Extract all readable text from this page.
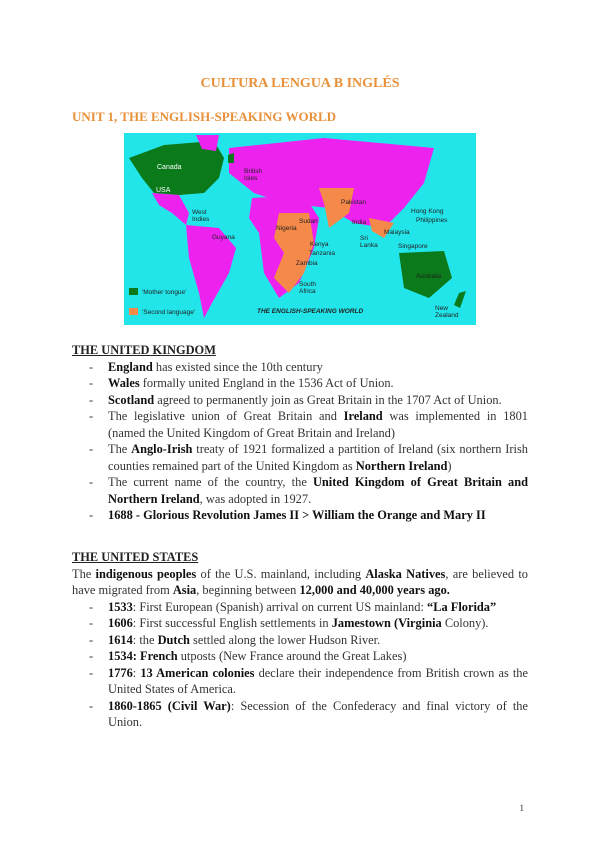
CULTURA LENGUA B INGLÉS
UNIT 1, THE ENGLISH-SPEAKING WORLD
Canada
USA
British Isles
West Indies
Guyana
Nigeria
Sudan
Kenya
Tanzania
Zambia
South Africa
Pakistan
India
Sri Lanka
Malaysia
Singapore
Hong Kong
Philippines
Australia
New Zealand
'Mother tongue'
'Second language'	THE ENGLISH-SPEAKING WORLD
THE UNITED KINGDOM
- England has existed since the 10th century
- Wales formally united England in the 1536 Act of Union.
- Scotland agreed to permanently join as Great Britain in the 1707 Act of Union.
- The legislative union of Great Britain and Ireland was implemented in 1801 (named the United Kingdom of Great Britain and Ireland)
- The Anglo-Irish treaty of 1921 formalized a partition of Ireland (six northern Irish counties remained part of the United Kingdom as Northern Ireland)
- The current name of the country, the United Kingdom of Great Britain and Northern Ireland, was adopted in 1927.
- 1688 - Glorious Revolution James II > William the Orange and Mary II
THE UNITED STATES

The indigenous peoples of the U.S. mainland, including Alaska Natives, are believed to have migrated from Asia, beginning between 12,000 and 40,000 years ago.

- 1533: First European (Spanish) arrival on current US mainland: “La Florida”
- 1606: First successful English settlements in Jamestown (Virginia Colony).
- 1614: the Dutch settled along the lower Hudson River.
- 1534: French utposts (New France around the Great Lakes)
- 1776: 13 American colonies declare their independence from British crown as the United States of America.
- 1860-1865 (Civil War): Secession of the Confederacy and final victory of the Union.
1
